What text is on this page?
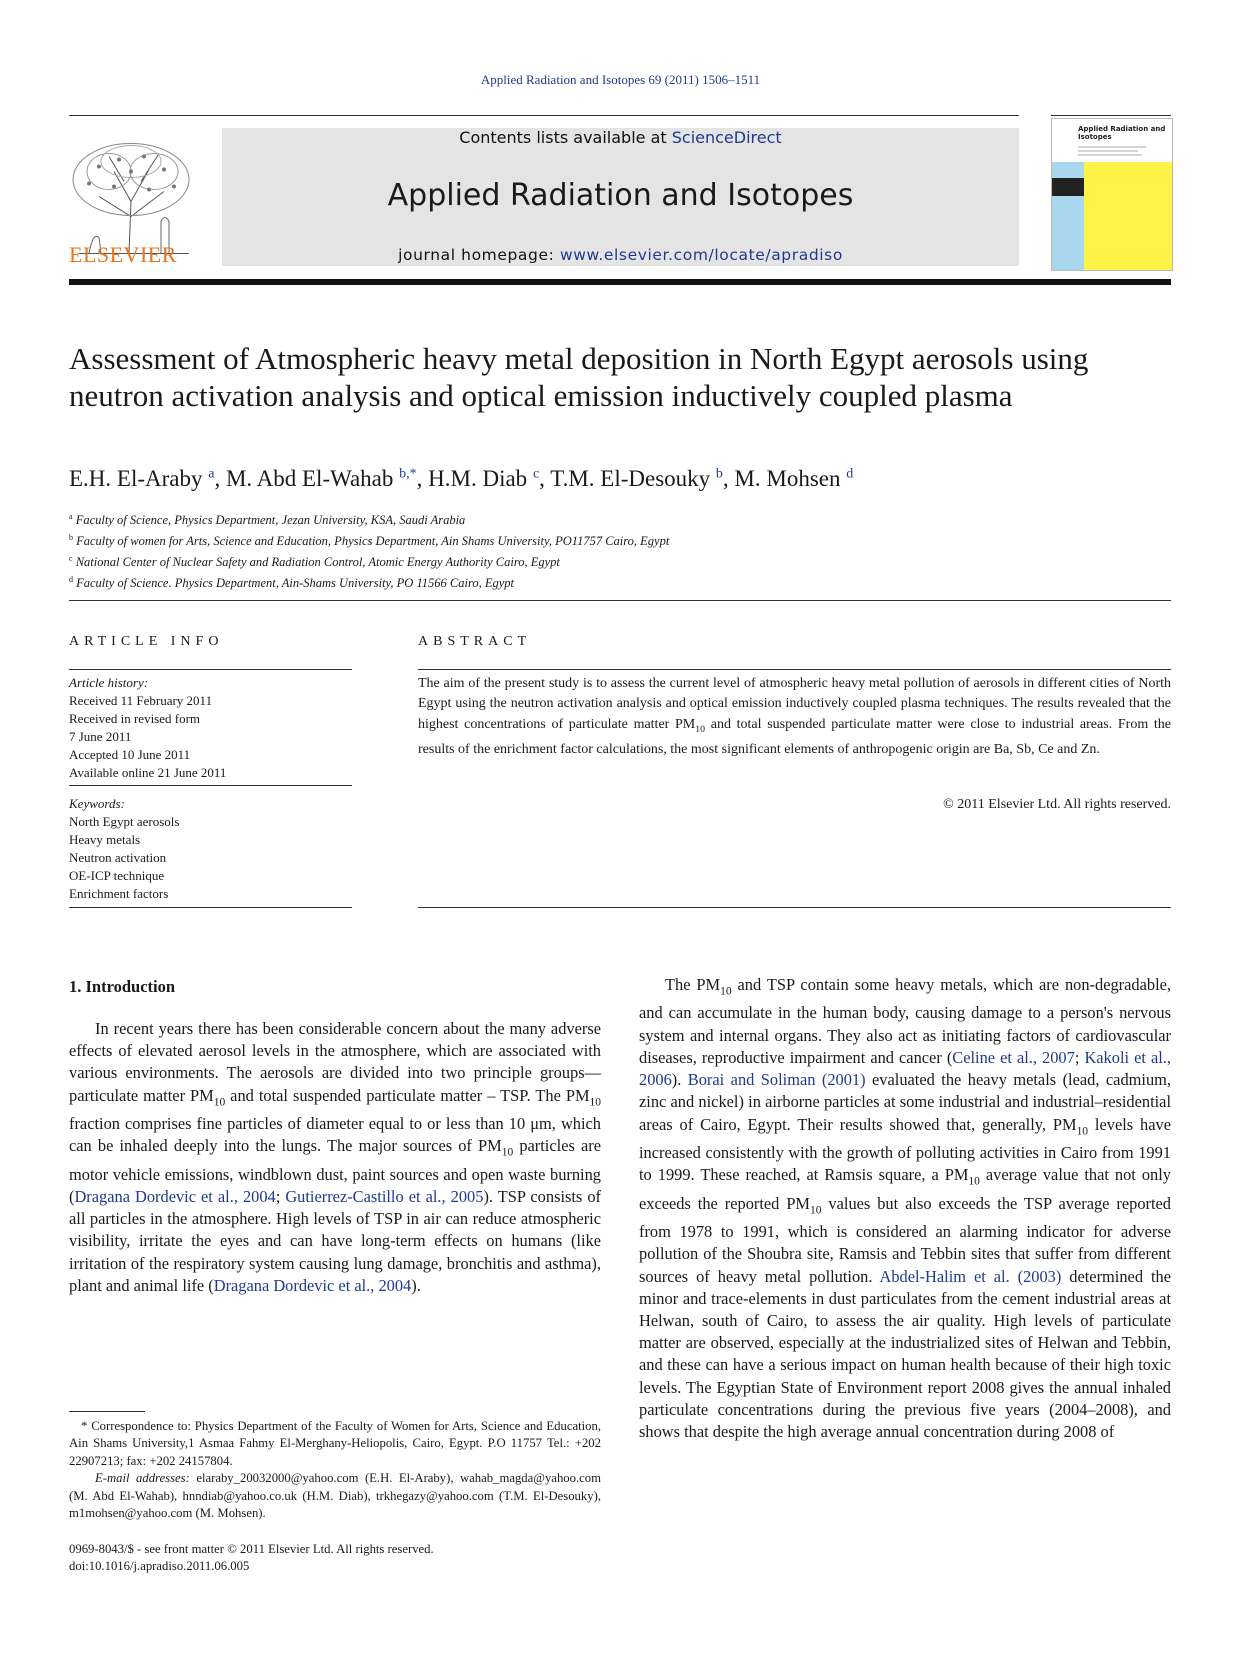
Applied Radiation and Isotopes 69 (2011) 1506–1511
ELSEVIER
Contents lists available at ScienceDirect
Applied Radiation and Isotopes
journal homepage: www.elsevier.com/locate/apradiso
Applied Radiation and Isotopes
Assessment of Atmospheric heavy metal deposition in North Egypt aerosols using neutron activation analysis and optical emission inductively coupled plasma
E.H. El-Araby $^a$, M. Abd El-Wahab $^{b,*}$, H.M. Diab $^c$, T.M. El-Desouky $^b$, M. Mohsen $^d$
$^a$ Faculty of Science, Physics Department, Jezan University, KSA, Saudi Arabia
$^b$ Faculty of women for Arts, Science and Education, Physics Department, Ain Shams University, PO11757 Cairo, Egypt
$^c$ National Center of Nuclear Safety and Radiation Control, Atomic Energy Authority Cairo, Egypt
$^d$ Faculty of Science. Physics Department, Ain-Shams University, PO 11566 Cairo, Egypt
ARTICLE INFO
Article history:
Received 11 February 2011
Received in revised form
7 June 2011
Accepted 10 June 2011
Available online 21 June 2011
Keywords:
North Egypt aerosols
Heavy metals
Neutron activation
OE-ICP technique
Enrichment factors
ABSTRACT
The aim of the present study is to assess the current level of atmospheric heavy metal pollution of aerosols in different cities of North Egypt using the neutron activation analysis and optical emission inductively coupled plasma techniques. The results revealed that the highest concentrations of particulate matter $PM_{10}$ and total suspended particulate matter were close to industrial areas. From the results of the enrichment factor calculations, the most significant elements of anthropogenic origin are Ba, Sb, Ce and Zn.
© 2011 Elsevier Ltd. All rights reserved.
1. Introduction

In recent years there has been considerable concern about the many adverse effects of elevated aerosol levels in the atmosphere, which are associated with various environments. The aerosols are divided into two principle groups— particulate matter $PM_{10}$ and total suspended particulate matter – TSP. The $PM_{10}$ fraction comprises fine particles of diameter equal to or less than 10 μm, which can be inhaled deeply into the lungs. The major sources of $PM_{10}$ particles are motor vehicle emissions, windblown dust, paint sources and open waste burning (Dragana Dordevic et al., 2004; Gutierrez-Castillo et al., 2005). TSP consists of all particles in the atmosphere. High levels of TSP in air can reduce atmospheric visibility, irritate the eyes and can have long-term effects on humans (like irritation of the respiratory system causing lung damage, bronchitis and asthma), plant and animal life (Dragana Dordevic et al., 2004).

The $PM_{10}$ and TSP contain some heavy metals, which are non-degradable, and can accumulate in the human body, causing damage to a person's nervous system and internal organs. They also act as initiating factors of cardiovascular diseases, reproductive impairment and cancer (Celine et al., 2007; Kakoli et al., 2006). Borai and Soliman (2001) evaluated the heavy metals (lead, cadmium, zinc and nickel) in airborne particles at some industrial and industrial–residential areas of Cairo, Egypt. Their results showed that, generally, $PM_{10}$ levels have increased consistently with the growth of polluting activities in Cairo from 1991 to 1999. These reached, at Ramsis square, a $PM_{10}$ average value that not only exceeds the reported $PM_{10}$ values but also exceeds the TSP average reported from 1978 to 1991, which is considered an alarming indicator for adverse pollution of the Shoubra site, Ramsis and Tebbin sites that suffer from different sources of heavy metal pollution. Abdel-Halim et al. (2003) determined the minor and trace-elements in dust particulates from the cement industrial areas at Helwan, south of Cairo, to assess the air quality. High levels of particulate matter are observed, especially at the industrialized sites of Helwan and Tebbin, and these can have a serious impact on human health because of their high toxic levels. The Egyptian State of Environment report 2008 gives the annual inhaled particulate concentrations during the previous five years (2004–2008), and shows that despite the high average annual concentration during 2008 of

* Correspondence to: Physics Department of the Faculty of Women for Arts, Science and Education, Ain Shams University,1 Asmaa Fahmy El-Merghany-Heliopolis, Cairo, Egypt. P.O 11757 Tel.: +202 22907213; fax: +202 24157804.

E-mail addresses: elaraby_20032000@yahoo.com (E.H. El-Araby), wahab_magda@yahoo.com (M. Abd El-Wahab), hnndiab@yahoo.co.uk (H.M. Diab), trkhegazy@yahoo.com (T.M. El-Desouky), m1mohsen@yahoo.com (M. Mohsen).

0969-8043/$ - see front matter © 2011 Elsevier Ltd. All rights reserved.
doi:10.1016/j.apradiso.2011.06.005
